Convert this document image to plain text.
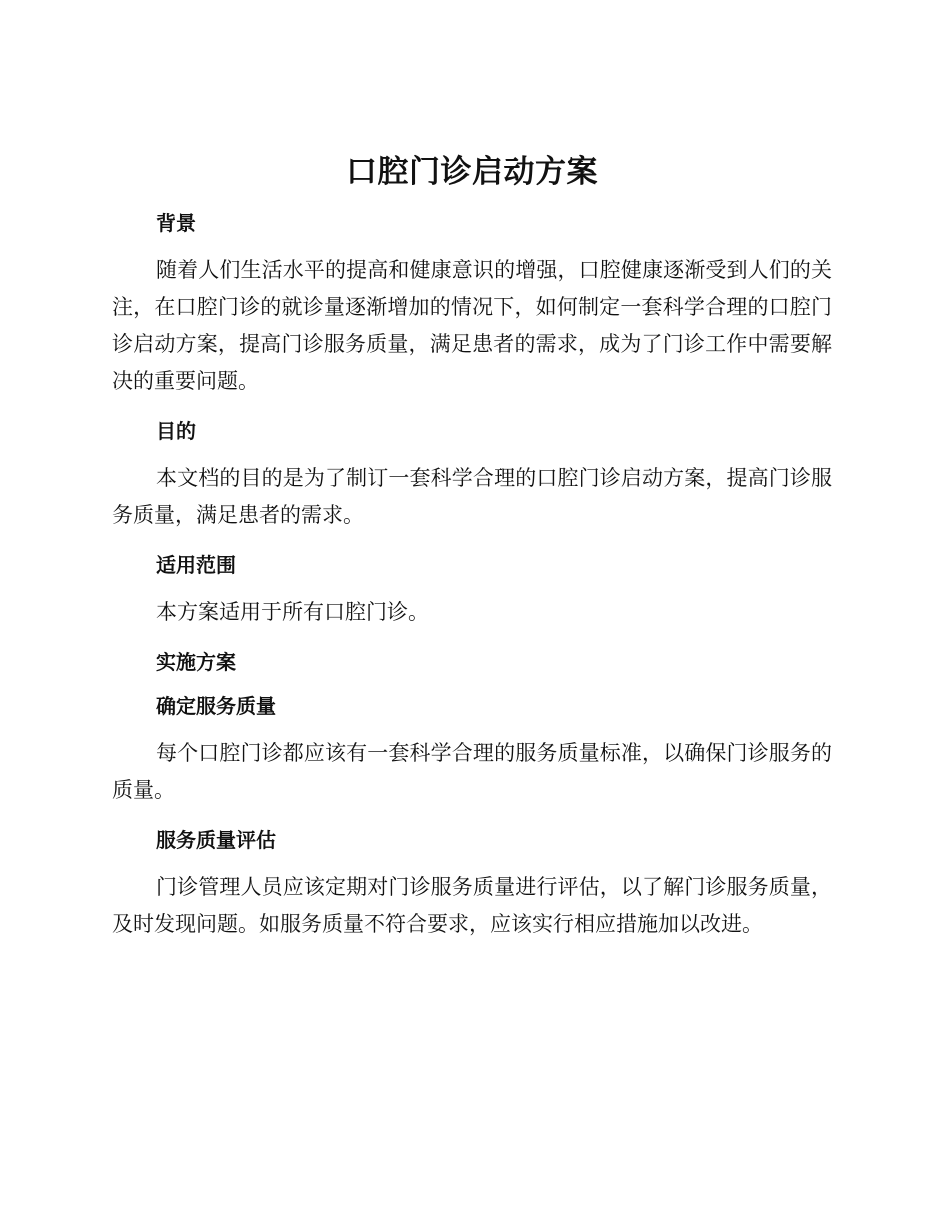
口腔门诊启动方案
背景

随着人们生活水平的提高和健康意识的增强，口腔健康逐渐受到人们的关注，在口腔门诊的就诊量逐渐增加的情况下，如何制定一套科学合理的口腔门诊启动方案，提高门诊服务质量，满足患者的需求，成为了门诊工作中需要解决的重要问题。

目的

本文档的目的是为了制订一套科学合理的口腔门诊启动方案，提高门诊服务质量，满足患者的需求。

适用范围

本方案适用于所有口腔门诊。

实施方案
确定服务质量

每个口腔门诊都应该有一套科学合理的服务质量标准，以确保门诊服务的质量。

服务质量评估

门诊管理人员应该定期对门诊服务质量进行评估，以了解门诊服务质量，及时发现问题。如服务质量不符合要求，应该实行相应措施加以改进。
